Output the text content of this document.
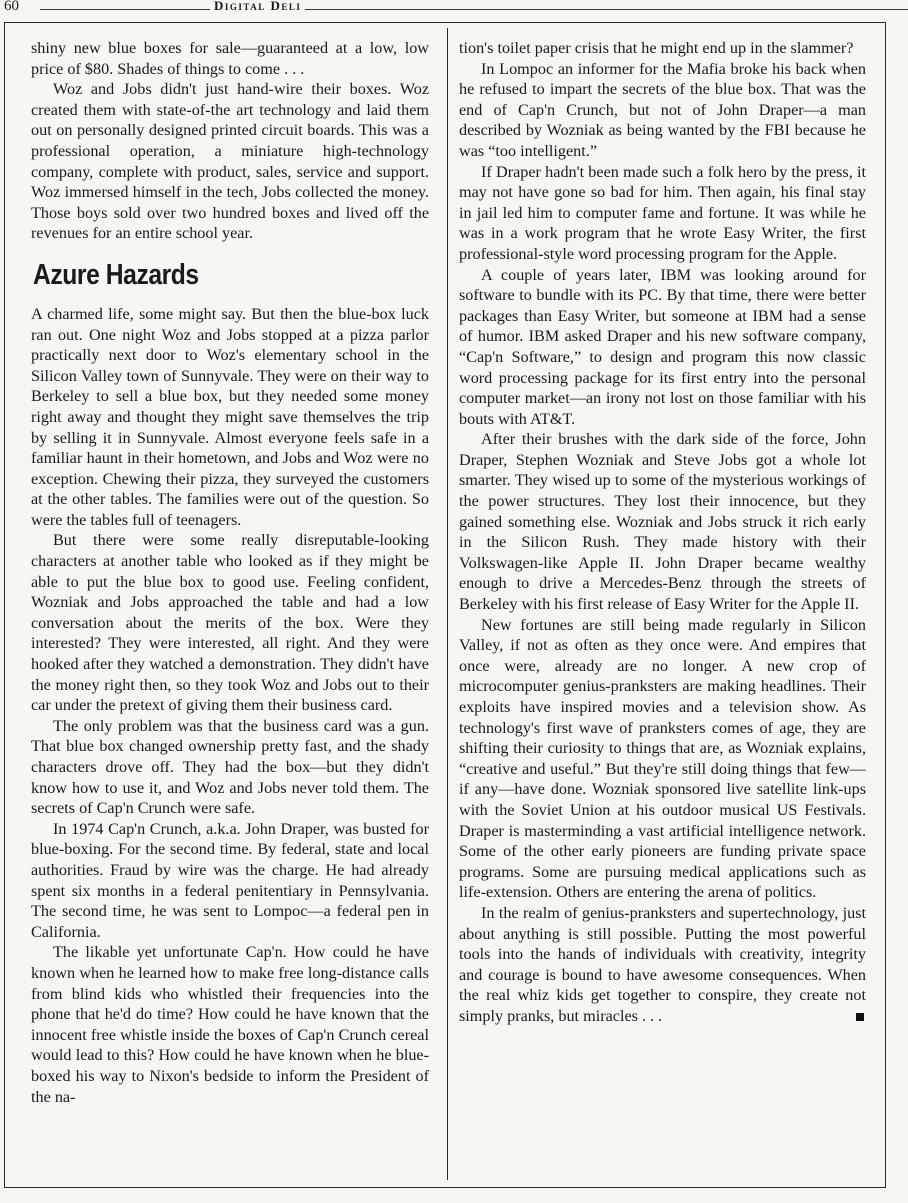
60	Digital Deli

shiny new blue boxes for sale—guaranteed at a low, low price of $80. Shades of things to come . . .

Woz and Jobs didn't just hand-wire their boxes. Woz created them with state-of-the art technology and laid them out on personally designed printed circuit boards. This was a professional operation, a miniature high-technology company, complete with product, sales, service and support. Woz immersed himself in the tech, Jobs collected the money. Those boys sold over two hundred boxes and lived off the revenues for an entire school year.

Azure Hazards

A charmed life, some might say. But then the blue-box luck ran out. One night Woz and Jobs stopped at a pizza parlor practically next door to Woz's elementary school in the Silicon Valley town of Sunnyvale. They were on their way to Berkeley to sell a blue box, but they needed some money right away and thought they might save themselves the trip by selling it in Sunnyvale. Almost everyone feels safe in a familiar haunt in their hometown, and Jobs and Woz were no exception. Chewing their pizza, they surveyed the customers at the other tables. The families were out of the question. So were the tables full of teenagers.

But there were some really disreputable-looking characters at another table who looked as if they might be able to put the blue box to good use. Feeling confident, Wozniak and Jobs approached the table and had a low conversation about the merits of the box. Were they interested? They were interested, all right. And they were hooked after they watched a demonstration. They didn't have the money right then, so they took Woz and Jobs out to their car under the pretext of giving them their business card.

The only problem was that the business card was a gun. That blue box changed ownership pretty fast, and the shady characters drove off. They had the box—but they didn't know how to use it, and Woz and Jobs never told them. The secrets of Cap'n Crunch were safe.

In 1974 Cap'n Crunch, a.k.a. John Draper, was busted for blue-boxing. For the second time. By federal, state and local authorities. Fraud by wire was the charge. He had already spent six months in a federal penitentiary in Pennsylvania. The second time, he was sent to Lompoc—a federal pen in California.

The likable yet unfortunate Cap'n. How could he have known when he learned how to make free long-distance calls from blind kids who whistled their frequencies into the phone that he'd do time? How could he have known that the innocent free whistle inside the boxes of Cap'n Crunch cereal would lead to this? How could he have known when he blue-boxed his way to Nixon's bedside to inform the President of the na-

tion's toilet paper crisis that he might end up in the slammer?

In Lompoc an informer for the Mafia broke his back when he refused to impart the secrets of the blue box. That was the end of Cap'n Crunch, but not of John Draper—a man described by Wozniak as being wanted by the FBI because he was “too intelligent.”

If Draper hadn't been made such a folk hero by the press, it may not have gone so bad for him. Then again, his final stay in jail led him to computer fame and fortune. It was while he was in a work program that he wrote Easy Writer, the first professional-style word processing program for the Apple.

A couple of years later, IBM was looking around for software to bundle with its PC. By that time, there were better packages than Easy Writer, but someone at IBM had a sense of humor. IBM asked Draper and his new software company, “Cap'n Software,” to design and program this now classic word processing package for its first entry into the personal computer market—an irony not lost on those familiar with his bouts with AT&T.

After their brushes with the dark side of the force, John Draper, Stephen Wozniak and Steve Jobs got a whole lot smarter. They wised up to some of the mysterious workings of the power structures. They lost their innocence, but they gained something else. Wozniak and Jobs struck it rich early in the Silicon Rush. They made history with their Volkswagen-like Apple II. John Draper became wealthy enough to drive a Mercedes-Benz through the streets of Berkeley with his first release of Easy Writer for the Apple II.

New fortunes are still being made regularly in Silicon Valley, if not as often as they once were. And empires that once were, already are no longer. A new crop of microcomputer genius-pranksters are making headlines. Their exploits have inspired movies and a television show. As technology's first wave of pranksters comes of age, they are shifting their curiosity to things that are, as Wozniak explains, “creative and useful.” But they're still doing things that few—if any—have done. Wozniak sponsored live satellite link-ups with the Soviet Union at his outdoor musical US Festivals. Draper is masterminding a vast artificial intelligence network. Some of the other early pioneers are funding private space programs. Some are pursuing medical applications such as life-extension. Others are entering the arena of politics.

In the realm of genius-pranksters and supertechnology, just about anything is still possible. Putting the most powerful tools into the hands of individuals with creativity, integrity and courage is bound to have awesome consequences. When the real whiz kids get together to conspire, they create not simply pranks, but miracles . . .
